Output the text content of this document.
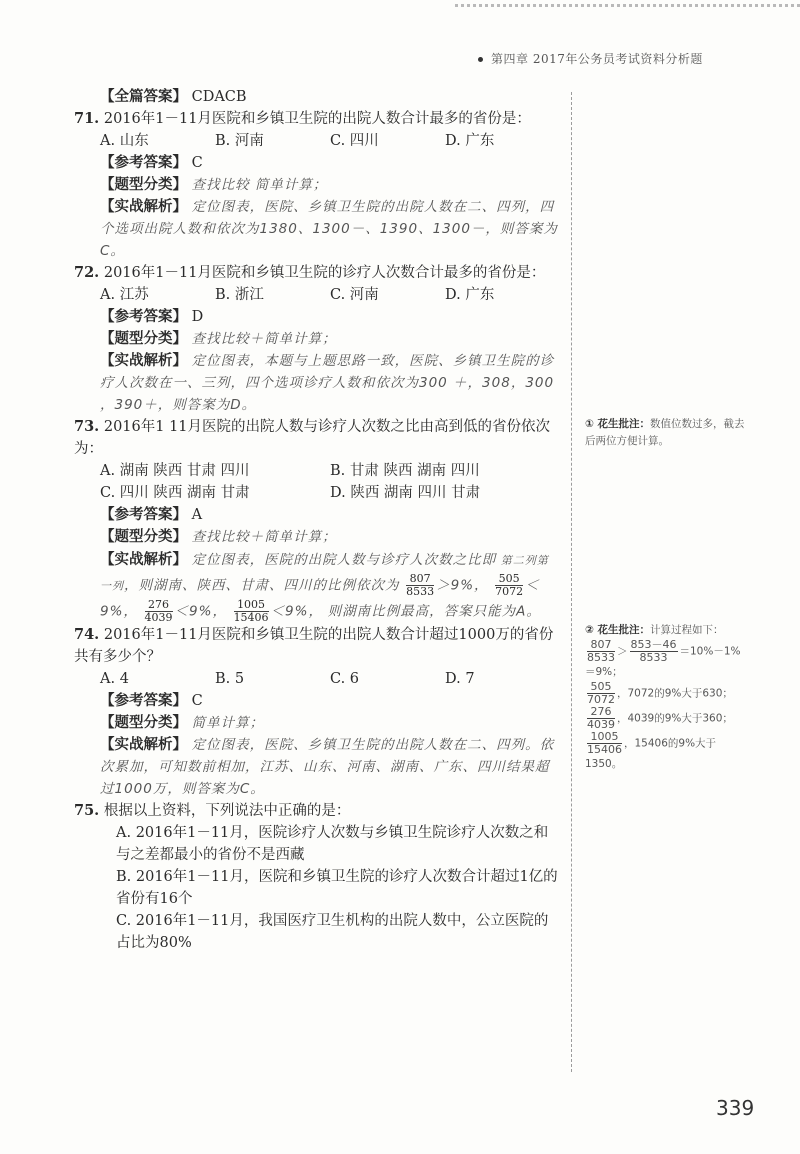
第四章 2017年公务员考试资料分析题

【全篇答案】 CDACB

71. 2016年1－11月医院和乡镇卫生院的出院人数合计最多的省份是：

A. 山东	B. 河南	C. 四川	D. 广东

【参考答案】 C

【题型分类】 查找比较 简单计算；

【实战解析】 定位图表，医院、乡镇卫生院的出院人数在二、四列，四个选项出院人数和依次为1380、1300－、1390、1300－，则答案为C。

72. 2016年1－11月医院和乡镇卫生院的诊疗人次数合计最多的省份是：

A. 江苏	B. 浙江	C. 河南	D. 广东

【参考答案】 D

【题型分类】 查找比较＋简单计算；

【实战解析】 定位图表，本题与上题思路一致，医院、乡镇卫生院的诊疗人次数在一、三列，四个选项诊疗人数和依次为300 ＋，308，300 ，390＋，则答案为D。

73. 2016年1 11月医院的出院人数与诊疗人次数之比由高到低的省份依次为：

A. 湖南 陕西 甘肃 四川	B. 甘肃 陕西 湖南 四川
C. 四川 陕西 湖南 甘肃	D. 陕西 湖南 四川 甘肃

【参考答案】 A

【题型分类】 查找比较＋简单计算；

【实战解析】 定位图表，医院的出院人数与诊疗人次数之比即 第二列第一列，则湖南、陕西、甘肃、四川的比例依次为 $\frac{807}{8533} >9\%$， $\frac{505}{7072} < 9\%$， $\frac{276}{4039} <9\%$， $\frac{1005}{15406} <9\%$， 则湖南比例最高，答案只能为A。

74. 2016年1－11月医院和乡镇卫生院的出院人数合计超过1000万的省份共有多少个？

A. 4	B. 5	C. 6	D. 7

【参考答案】 C

【题型分类】 简单计算；

【实战解析】 定位图表，医院、乡镇卫生院的出院人数在二、四列。依次累加，可知数前相加，江苏、山东、河南、湖南、广东、四川结果超过1000万，则答案为C。

75. 根据以上资料，下列说法中正确的是：

A. 2016年1－11月，医院诊疗人次数与乡镇卫生院诊疗人次数之和与之差都最小的省份不是西藏

B. 2016年1－11月，医院和乡镇卫生院的诊疗人次数合计超过1亿的省份有16个

C. 2016年1－11月，我国医疗卫生机构的出院人数中，公立医院的占比为80%

① 花生批注：数值位数过多，截去后两位方便计算。
② 花生批注：计算过程如下：

$\frac{807}{8533} > \frac{853-46}{8533} =10\%-1\%$
＝9%；

$\frac{505}{7072}$ ，7072的9%大于630；

$\frac{276}{4039}$ ，4039的9%大于360；

$\frac{1005}{15406}$ ，15406的9%大于1350。
339
